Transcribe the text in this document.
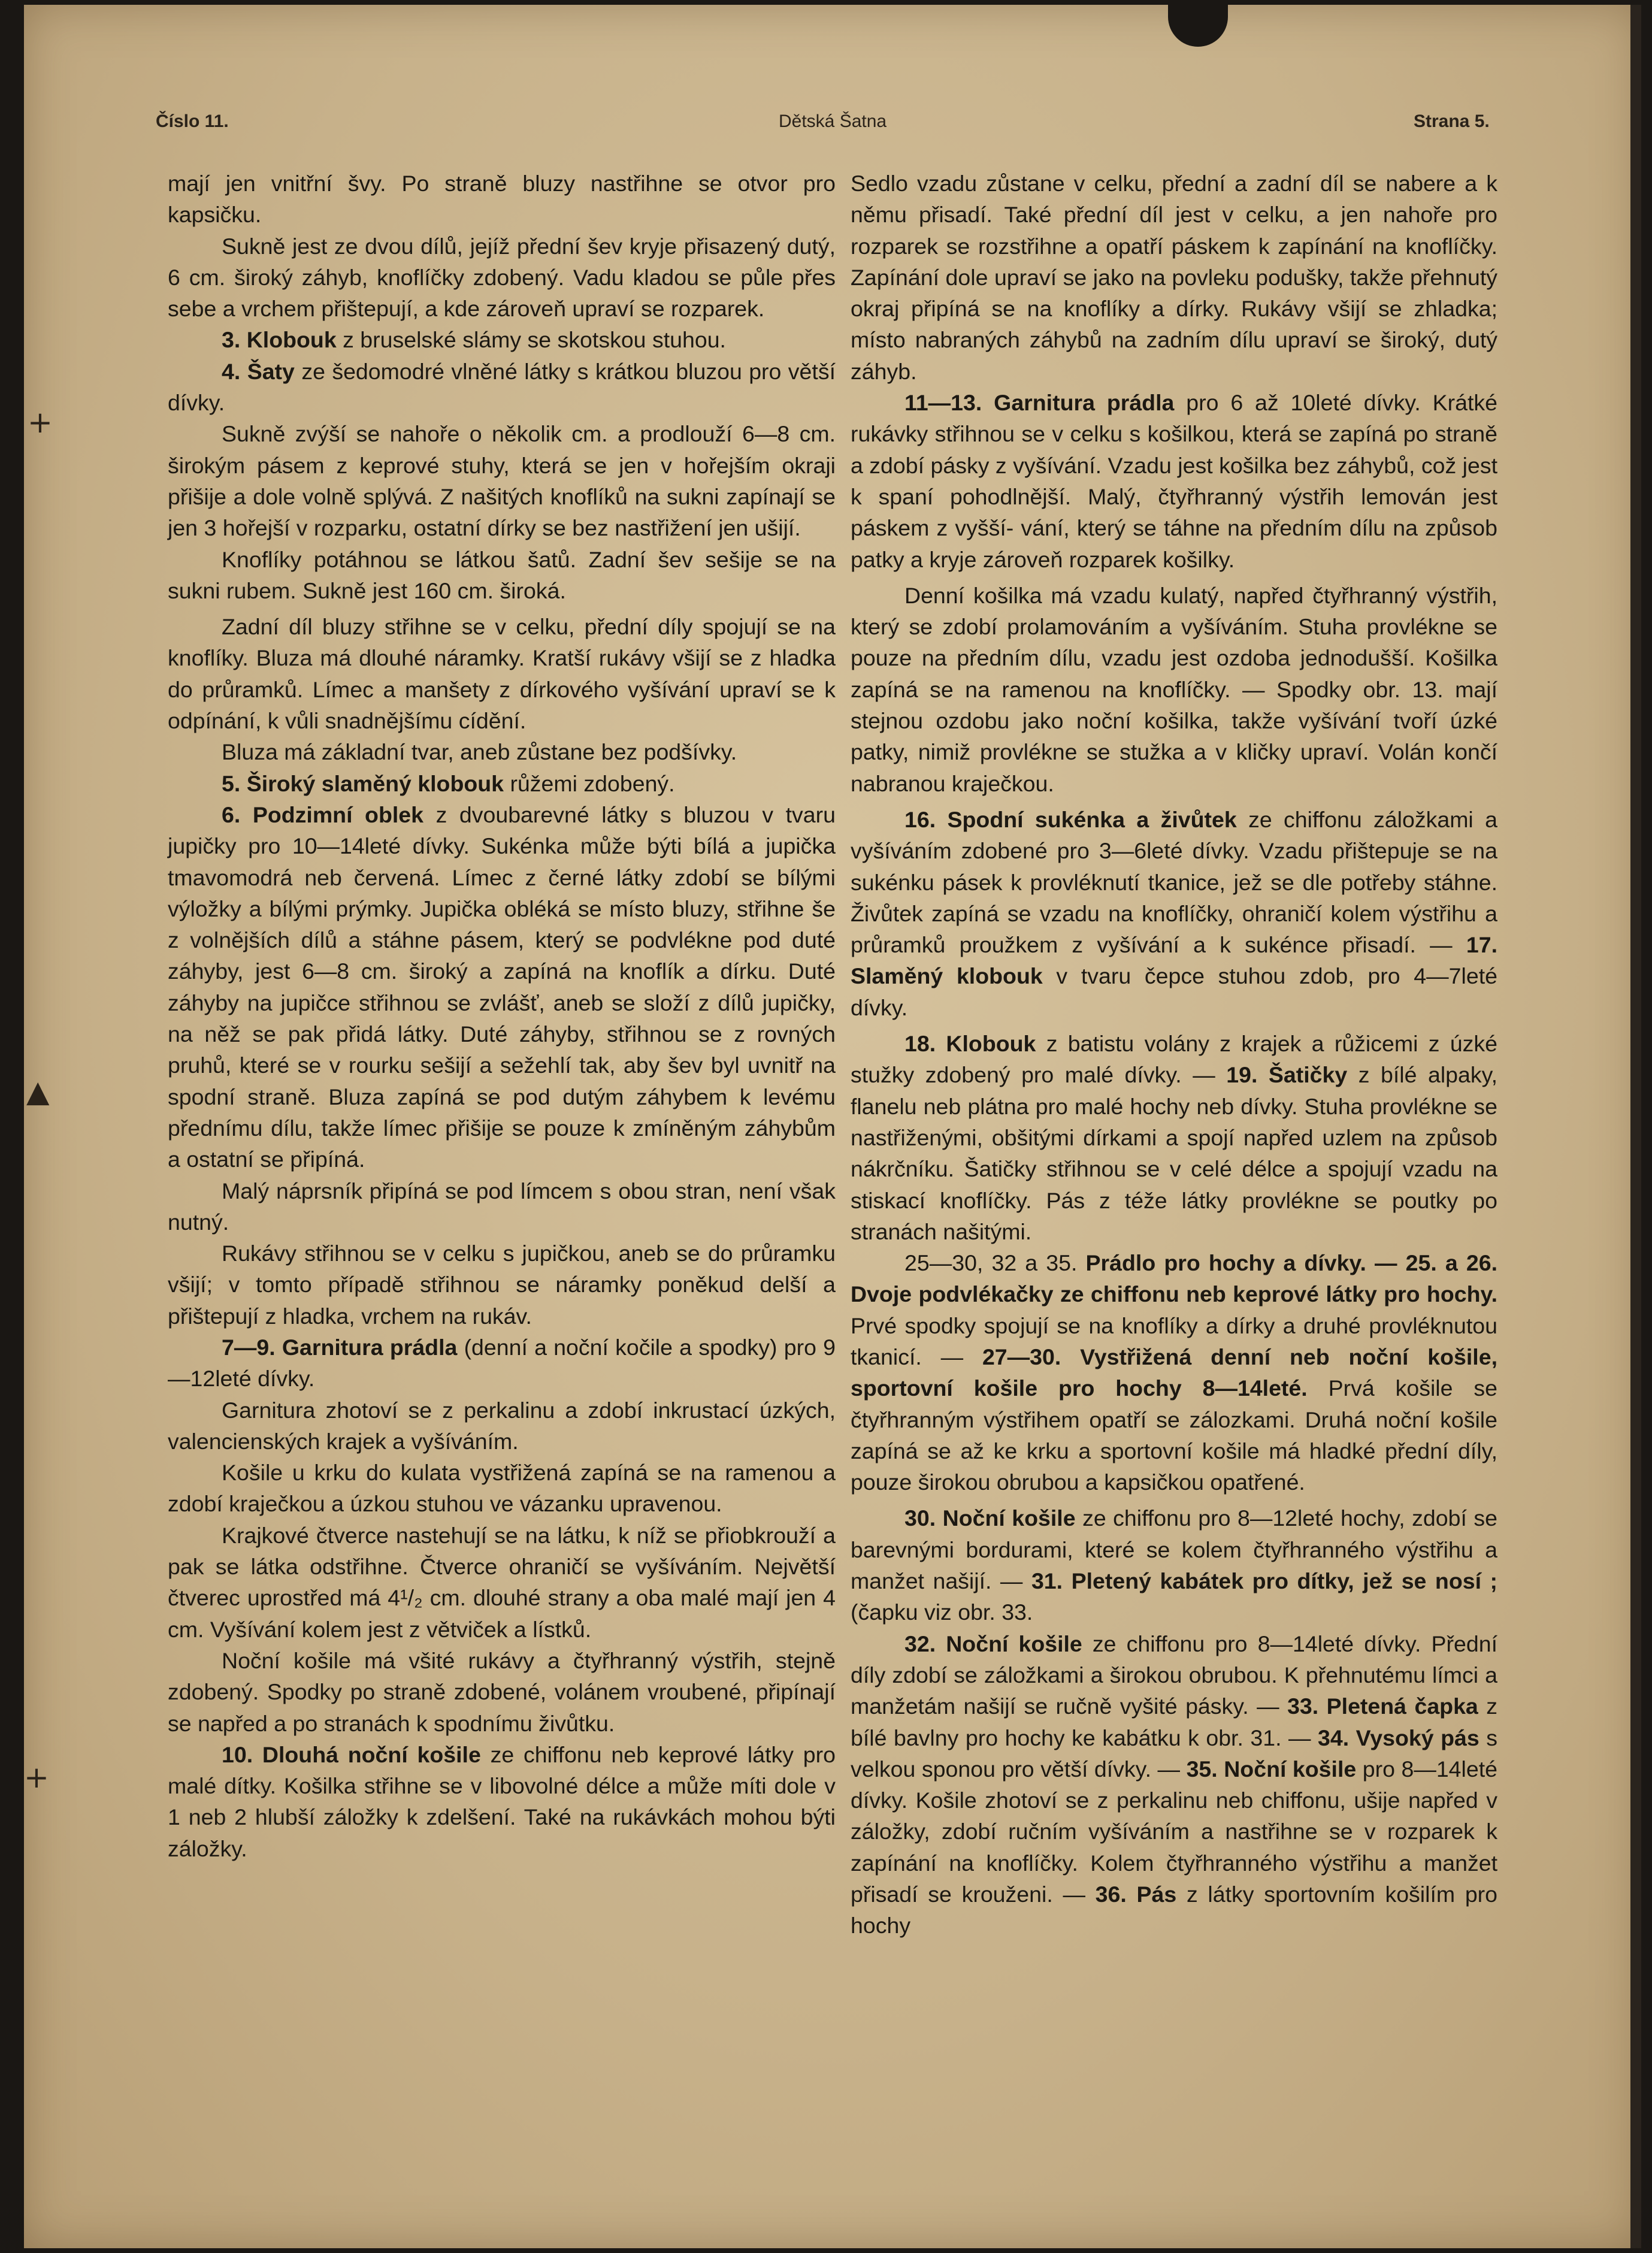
Číslo 11.	Dětská Šatna	Strana 5.
+
▲
+

mají jen vnitřní švy. Po straně bluzy nastřihne se otvor pro kapsičku.

Sukně jest ze dvou dílů, jejíž přední šev kryje přisazený dutý, 6 cm. široký záhyb, knoflíčky zdobený. Vadu kladou se půle přes sebe a vrchem přištepují, a kde zároveň upraví se rozparek.

3. Klobouk z bruselské slámy se skotskou stuhou.

4. Šaty ze šedomodré vlněné látky s krátkou bluzou pro větší dívky.

Sukně zvýší se nahoře o několik cm. a prodlouží 6—8 cm. širokým pásem z keprové stuhy, která se jen v hořejším okraji přišije a dole volně splývá. Z našitých knoflíků na sukni zapínají se jen 3 hořejší v rozparku, ostatní dírky se bez nastřižení jen ušijí.

Knoflíky potáhnou se látkou šatů. Zadní šev sešije se na sukni rubem. Sukně jest 160 cm. široká.

Zadní díl bluzy střihne se v celku, přední díly spojují se na knoflíky. Bluza má dlouhé náramky. Kratší rukávy všijí se z hladka do průramků. Límec a manšety z dírkového vyšívání upraví se k odpínání, k vůli snadnějšímu cídění.

Bluza má základní tvar, aneb zůstane bez podšívky.

5. Široký slaměný klobouk růžemi zdobený.

6. Podzimní oblek z dvoubarevné látky s bluzou v tvaru jupičky pro 10—14leté dívky. Sukénka může býti bílá a jupička tmavomodrá neb červená. Límec z černé látky zdobí se bílými výložky a bílými prýmky. Jupička obléká se místo bluzy, střihne še z volnějších dílů a stáhne pásem, který se podvlékne pod duté záhyby, jest 6—8 cm. široký a zapíná na knoflík a dírku. Duté záhyby na jupičce střihnou se zvlášť, aneb se složí z dílů jupičky, na něž se pak přidá látky. Duté záhyby, střihnou se z rovných pruhů, které se v rourku sešijí a sežehlí tak, aby šev byl uvnitř na spodní straně. Bluza zapíná se pod dutým záhybem k levému přednímu dílu, takže límec přišije se pouze k zmíněným záhybům a ostatní se připíná.

Malý náprsník připíná se pod límcem s obou stran, není však nutný.

Rukávy střihnou se v celku s jupičkou, aneb se do průramku všijí; v tomto případě střihnou se náramky poněkud delší a přištepují z hladka, vrchem na rukáv.

7—9. Garnitura prádla (denní a noční kočile a spodky) pro 9—12leté dívky.

Garnitura zhotoví se z perkalinu a zdobí inkrustací úzkých, valencienských krajek a vyšíváním.

Košile u krku do kulata vystřižená zapíná se na ramenou a zdobí kraječkou a úzkou stuhou ve vázanku upravenou.

Krajkové čtverce nastehují se na látku, k níž se přiobkrouží a pak se látka odstřihne. Čtverce ohraničí se vyšíváním. Největší čtverec uprostřed má 4¹/₂ cm. dlouhé strany a oba malé mají jen 4 cm. Vyšívání kolem jest z větviček a lístků.

Noční košile má všité rukávy a čtyřhranný výstřih, stejně zdobený. Spodky po straně zdobené, volánem vroubené, připínají se napřed a po stranách k spodnímu živůtku.

10. Dlouhá noční košile ze chiffonu neb keprové látky pro malé dítky. Košilka střihne se v libovolné délce a může míti dole v 1 neb 2 hlubší záložky k zdelšení. Také na rukávkách mohou býti záložky.

Sedlo vzadu zůstane v celku, přední a zadní díl se nabere a k němu přisadí. Také přední díl jest v celku, a jen nahoře pro rozparek se rozstřihne a opatří páskem k zapínání na knoflíčky. Zapínání dole upraví se jako na povleku podušky, takže přehnutý okraj připíná se na knoflíky a dírky. Rukávy všijí se zhladka; místo nabraných záhybů na zadním dílu upraví se široký, dutý záhyb.

11—13. Garnitura prádla pro 6 až 10leté dívky. Krátké rukávky střihnou se v celku s košilkou, která se zapíná po straně a zdobí pásky z vyšívání. Vzadu jest košilka bez záhybů, což jest k spaní pohodlnější. Malý, čtyřhranný výstřih lemován jest páskem z vyšší- vání, který se táhne na předním dílu na způsob patky a kryje zároveň rozparek košilky.

Denní košilka má vzadu kulatý, napřed čtyřhranný výstřih, který se zdobí prolamováním a vyšíváním. Stuha provlékne se pouze na předním dílu, vzadu jest ozdoba jednodušší. Košilka zapíná se na ramenou na knoflíčky. — Spodky obr. 13. mají stejnou ozdobu jako noční košilka, takže vyšívání tvoří úzké patky, nimiž provlékne se stužka a v kličky upraví. Volán končí nabranou kraječkou.

16. Spodní sukénka a živůtek ze chiffonu záložkami a vyšíváním zdobené pro 3—6leté dívky. Vzadu přištepuje se na sukénku pásek k provléknutí tkanice, jež se dle potřeby stáhne. Živůtek zapíná se vzadu na knoflíčky, ohraničí kolem výstřihu a průramků proužkem z vyšívání a k sukénce přisadí. — 17. Slaměný klobouk v tvaru čepce stuhou zdob, pro 4—7leté dívky.

18. Klobouk z batistu volány z krajek a růžicemi z úzké stužky zdobený pro malé dívky. — 19. Šatičky z bílé alpaky, flanelu neb plátna pro malé hochy neb dívky. Stuha provlékne se nastřiženými, obšitými dírkami a spojí napřed uzlem na způsob nákrčníku. Šatičky střihnou se v celé délce a spojují vzadu na stiskací knoflíčky. Pás z téže látky provlékne se poutky po stranách našitými.

25—30, 32 a 35. Prádlo pro hochy a dívky. — 25. a 26. Dvoje podvlékačky ze chiffonu neb keprové látky pro hochy. Prvé spodky spojují se na knoflíky a dírky a druhé provléknutou tkanicí. — 27—30. Vystřižená denní neb noční košile, sportovní košile pro hochy 8—14leté. Prvá košile se čtyřhranným výstřihem opatří se zálozkami. Druhá noční košile zapíná se až ke krku a sportovní košile má hladké přední díly, pouze širokou obrubou a kapsičkou opatřené.

30. Noční košile ze chiffonu pro 8—12leté hochy, zdobí se barevnými bordurami, které se kolem čtyřhranného výstřihu a manžet našijí. — 31. Pletený kabátek pro dítky, jež se nosí ; (čapku viz obr. 33.

32. Noční košile ze chiffonu pro 8—14leté dívky. Přední díly zdobí se záložkami a širokou obrubou. K přehnutému límci a manžetám našijí se ručně vyšité pásky. — 33. Pletená čapka z bílé bavlny pro hochy ke kabátku k obr. 31. — 34. Vysoký pás s velkou sponou pro větší dívky. — 35. Noční košile pro 8—14leté dívky. Košile zhotoví se z perkalinu neb chiffonu, ušije napřed v záložky, zdobí ručním vyšíváním a nastřihne se v rozparek k zapínání na knoflíčky. Kolem čtyřhranného výstřihu a manžet přisadí se krouženi. — 36. Pás z látky sportovním košilím pro hochy
